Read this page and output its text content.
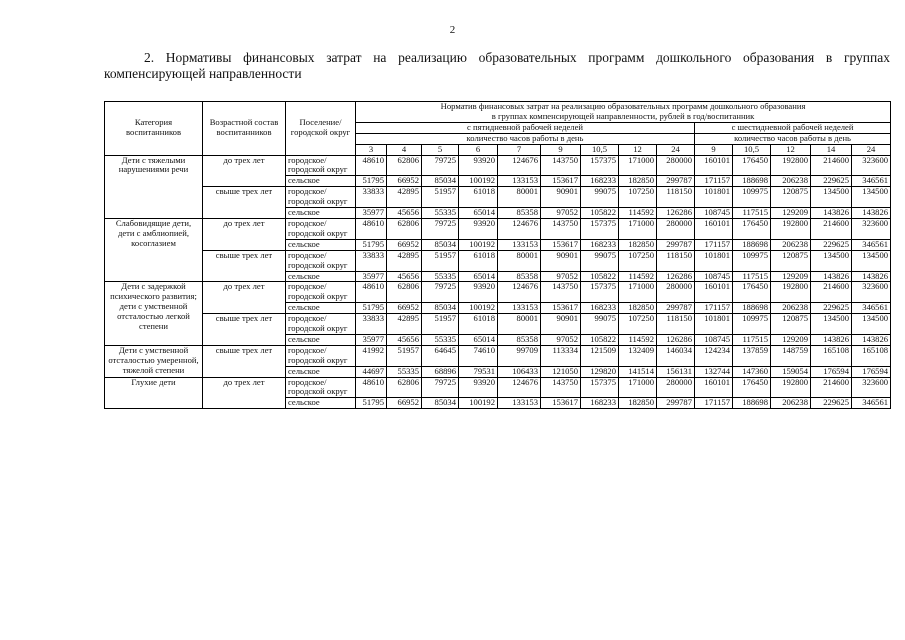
2
2. Нормативы финансовых затрат на реализацию образовательных программ дошкольного образования в группах
компенсирующей направленности
Категория воспитанников	Возрастной состав воспитанников	Поселение/ городской округ	Норматив финансовых затрат на реализацию образовательных программ дошкольного образования
в группах компенсирующей направленности, рублей в год/воспитанник													
			с пятидневной рабочей неделей									с шестидневной рабочей неделей				
			количество часов работы в день									количество часов работы в день				
			3	4	5	6	7	9	10,5	12	24	9	10,5	12	14	24
Дети с тяжелыми нарушениями речи	до трех лет	городское/ городской округ	48610	62806	79725	93920	124676	143750	157375	171000	280000	160101	176450	192800	214600	323600
		сельское	51795	66952	85034	100192	133153	153617	168233	182850	299787	171157	188698	206238	229625	346561
	свыше трех лет	городское/ городской округ	33833	42895	51957	61018	80001	90901	99075	107250	118150	101801	109975	120875	134500	134500
		сельское	35977	45656	55335	65014	85358	97052	105822	114592	126286	108745	117515	129209	143826	143826
Слабовидящие дети, дети с амблиопией, косоглазием	до трех лет	городское/ городской округ	48610	62806	79725	93920	124676	143750	157375	171000	280000	160101	176450	192800	214600	323600
		сельское	51795	66952	85034	100192	133153	153617	168233	182850	299787	171157	188698	206238	229625	346561
	свыше трех лет	городское/ городской округ	33833	42895	51957	61018	80001	90901	99075	107250	118150	101801	109975	120875	134500	134500
		сельское	35977	45656	55335	65014	85358	97052	105822	114592	126286	108745	117515	129209	143826	143826
Дети с задержкой психического развития; дети с умственной отсталостью легкой степени	до трех лет	городское/ городской округ	48610	62806	79725	93920	124676	143750	157375	171000	280000	160101	176450	192800	214600	323600
		сельское	51795	66952	85034	100192	133153	153617	168233	182850	299787	171157	188698	206238	229625	346561
	свыше трех лет	городское/ городской округ	33833	42895	51957	61018	80001	90901	99075	107250	118150	101801	109975	120875	134500	134500
		сельское	35977	45656	55335	65014	85358	97052	105822	114592	126286	108745	117515	129209	143826	143826
Дети с умственной отсталостью умеренной, тяжелой степени	свыше трех лет	городское/ городской округ	41992	51957	64645	74610	99709	113334	121509	132409	146034	124234	137859	148759	165108	165108
		сельское	44697	55335	68896	79531	106433	121050	129820	141514	156131	132744	147360	159054	176594	176594
Глухие дети	до трех лет	городское/ городской округ	48610	62806	79725	93920	124676	143750	157375	171000	280000	160101	176450	192800	214600	323600
		сельское	51795	66952	85034	100192	133153	153617	168233	182850	299787	171157	188698	206238	229625	346561
